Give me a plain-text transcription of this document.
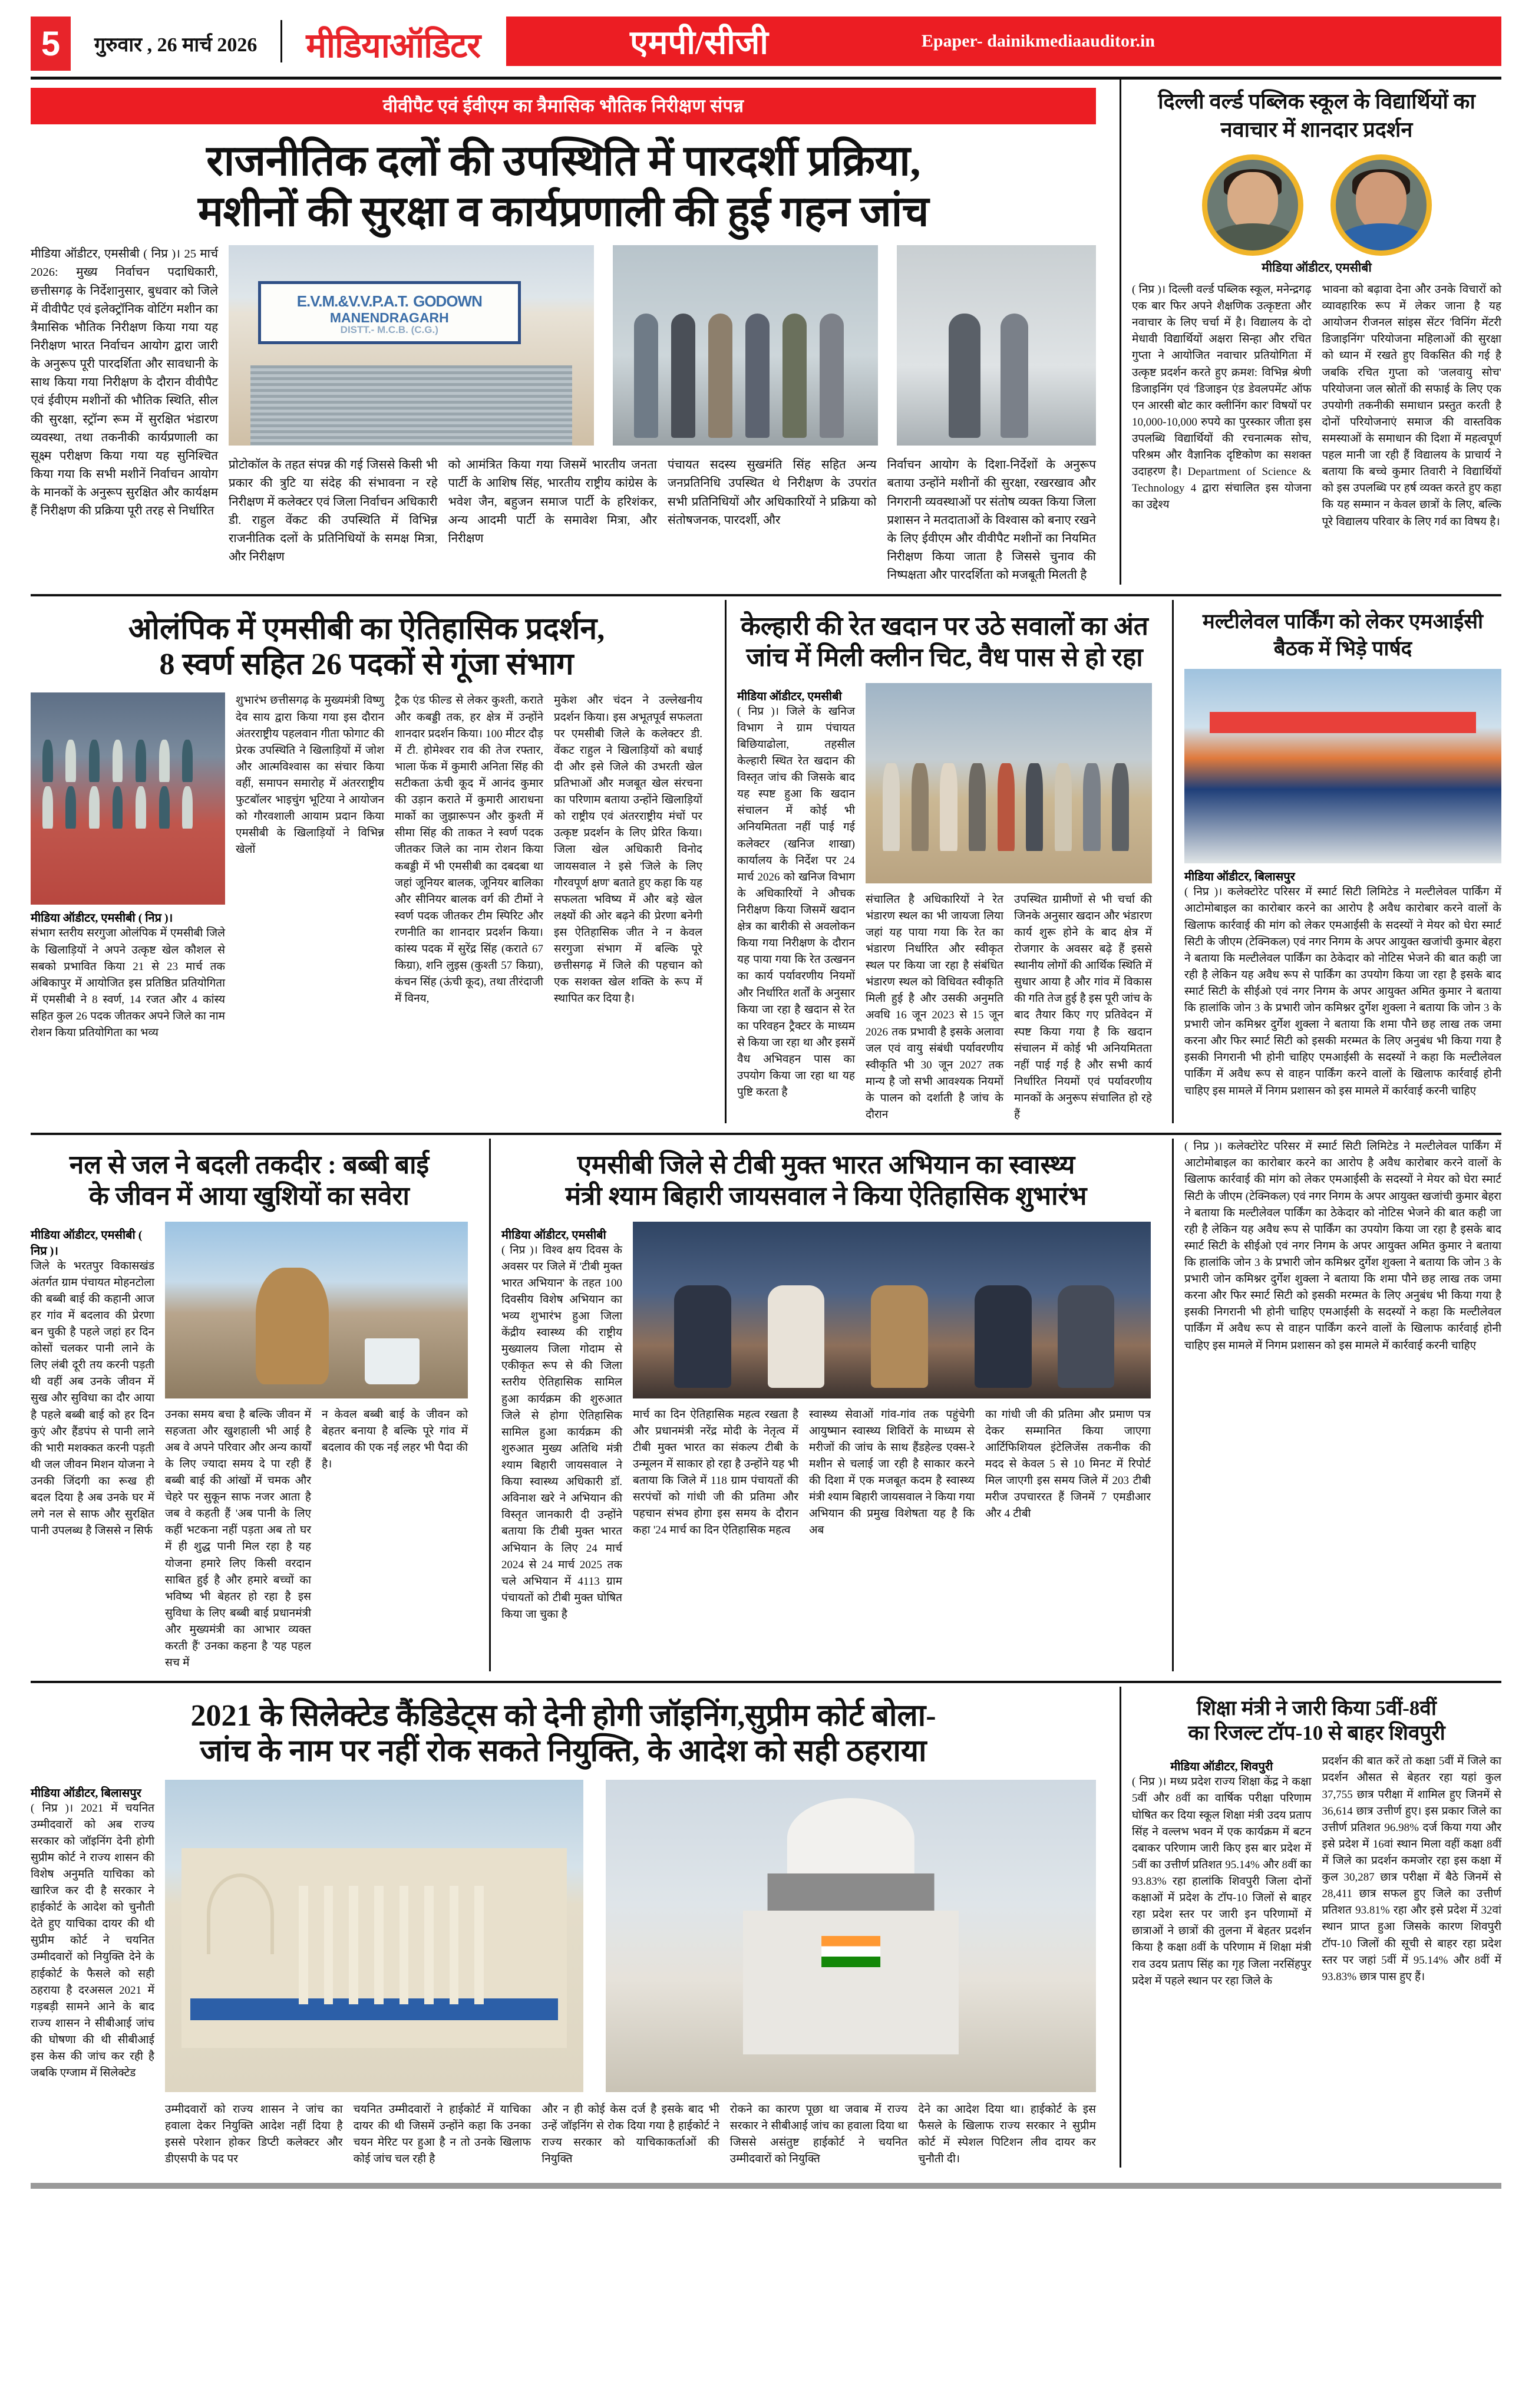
5	गुरुवार , 26 मार्च 2026	मीडियाऑडिटर	एमपी/सीजी	Epaper- dainikmediaauditor.in
वीवीपैट एवं ईवीएम का त्रैमासिक भौतिक निरीक्षण संपन्न
राजनीतिक दलों की उपस्थिति में पारदर्शी प्रक्रिया,
मशीनों की सुरक्षा व कार्यप्रणाली की हुई गहन जांच
मीडिया ऑडीटर, एमसीबी ( निप्र )। 25 मार्च 2026: मुख्य निर्वाचन पदाधिकारी, छत्तीसगढ़ के निर्देशानुसार, बुधवार को जिले में वीवीपैट एवं इलेक्ट्रॉनिक वोटिंग मशीन का त्रैमासिक भौतिक निरीक्षण किया गया यह निरीक्षण भारत निर्वाचन आयोग द्वारा जारी के अनुरूप पूरी पारदर्शिता और सावधानी के साथ किया गया निरीक्षण के दौरान वीवीपैट एवं ईवीएम मशीनों की भौतिक स्थिति, सील की सुरक्षा, स्ट्रॉन्ग रूम में सुरक्षित भंडारण व्यवस्था, तथा तकनीकी कार्यप्रणाली का सूक्ष्म परीक्षण किया गया यह सुनिश्चित किया गया कि सभी मशीनें निर्वाचन आयोग के मानकों के अनुरूप सुरक्षित और कार्यक्षम हैं निरीक्षण की प्रक्रिया पूरी तरह से निर्धारित
E.V.M.&V.V.P.A.T. GODOWN
MANENDRAGARH
DISTT.- M.C.B. (C.G.)
प्रोटोकॉल के तहत संपन्न की गई जिससे किसी भी प्रकार की त्रुटि या संदेह की संभावना न रहे निरीक्षण में कलेक्टर एवं जिला निर्वाचन अधिकारी डी. राहुल वेंकट की उपस्थिति में विभिन्न राजनीतिक दलों के प्रतिनिधियों के समक्ष मित्रा, और निरीक्षण
को आमंत्रित किया गया जिसमें भारतीय जनता पार्टी के आशिष सिंह, भारतीय राष्ट्रीय कांग्रेस के भवेश जैन, बहुजन समाज पार्टी के हरिशंकर, अन्य आदमी पार्टी के समावेश मित्रा, और निरीक्षण
पंचायत सदस्य सुखमंति सिंह सहित अन्य जनप्रतिनिधि उपस्थित थे निरीक्षण के उपरांत सभी प्रतिनिधियों और अधिकारियों ने प्रक्रिया को संतोषजनक, पारदर्शी, और
निर्वाचन आयोग के दिशा-निर्देशों के अनुरूप बताया उन्होंने मशीनों की सुरक्षा, रखरखाव और निगरानी व्यवस्थाओं पर संतोष व्यक्त किया जिला प्रशासन ने मतदाताओं के विश्वास को बनाए रखने के लिए ईवीएम और वीवीपैट मशीनों का नियमित निरीक्षण किया जाता है जिससे चुनाव की निष्पक्षता और पारदर्शिता को मजबूती मिलती है
दिल्ली वर्ल्ड पब्लिक स्कूल के विद्यार्थियों का नवाचार में शानदार प्रदर्शन
मीडिया ऑडीटर, एमसीबी
( निप्र )। दिल्ली वर्ल्ड पब्लिक स्कूल, मनेन्द्रगढ़ एक बार फिर अपने शैक्षणिक उत्कृष्टता और नवाचार के लिए चर्चा में है। विद्यालय के दो मेधावी विद्यार्थियों अक्षरा सिन्हा और रचित गुप्ता ने आयोजित नवाचार प्रतियोगिता में उत्कृष्ट प्रदर्शन करते हुए क्रमश: विभिन्न श्रेणी डिजाइनिंग एवं 'डिजाइन एंड डेवलपमेंट ऑफ एन आरसी बोट कार क्लीनिंग कार' विषयों पर 10,000-10,000 रुपये का पुरस्कार जीता इस उपलब्धि विद्यार्थियों की रचनात्मक सोच, परिश्रम और वैज्ञानिक दृष्टिकोण का सशक्त उदाहरण है। Department of Science & Technology 4 द्वारा संचालित इस योजना का उद्देश्य
भावना को बढ़ावा देना और उनके विचारों को व्यावहारिक रूप में लेकर जाना है यह आयोजन रीजनल सांइस सेंटर 'विनिंग मेंटरी डिजाइनिंग' परियोजना महिलाओं की सुरक्षा को ध्यान में रखते हुए विकसित की गई है जबकि रचित गुप्ता को 'जलवायु सोच' परियोजना जल स्रोतों की सफाई के लिए एक उपयोगी तकनीकी समाधान प्रस्तुत करती है दोनों परियोजनाएं समाज की वास्तविक समस्याओं के समाधान की दिशा में महत्वपूर्ण पहल मानी जा रही हैं विद्यालय के प्राचार्य ने बताया कि बच्चे कुमार तिवारी ने विद्यार्थियों को इस उपलब्धि पर हर्ष व्यक्त करते हुए कहा कि यह सम्मान न केवल छात्रों के लिए, बल्कि पूरे विद्यालय परिवार के लिए गर्व का विषय है।
ओलंपिक में एमसीबी का ऐतिहासिक प्रदर्शन,
8 स्वर्ण सहित 26 पदकों से गूंजा संभाग
मीडिया ऑडीटर, एमसीबी ( निप्र )।
संभाग स्तरीय सरगुजा ओलंपिक में एमसीबी जिले के खिलाड़ियों ने अपने उत्कृष्ट खेल कौशल से सबको प्रभावित किया 21 से 23 मार्च तक अंबिकापुर में आयोजित इस प्रतिष्ठित प्रतियोगिता में एमसीबी ने 8 स्वर्ण, 14 रजत और 4 कांस्य सहित कुल 26 पदक जीतकर अपने जिले का नाम रोशन किया प्रतियोगिता का भव्य
शुभारंभ छत्तीसगढ़ के मुख्यमंत्री विष्णु देव साय द्वारा किया गया इस दौरान अंतरराष्ट्रीय पहलवान गीता फोगाट की प्रेरक उपस्थिति ने खिलाड़ियों में जोश और आत्मविश्वास का संचार किया वहीं, समापन समारोह में अंतरराष्ट्रीय फुटबॉलर भाइचुंग भूटिया ने आयोजन को गौरवशाली आयाम प्रदान किया एमसीबी के खिलाड़ियों ने विभिन्न खेलों
ट्रैक एंड फील्ड से लेकर कुश्ती, कराते और कबड्डी तक, हर क्षेत्र में उन्होंने शानदार प्रदर्शन किया। 100 मीटर दौड़ में टी. होमेश्वर राव की तेज रफ्तार, भाला फेंक में कुमारी अनिता सिंह की सटीकता ऊंची कूद में आनंद कुमार की उड़ान कराते में कुमारी आराधना मार्को का जुझारूपन और कुश्ती में सीमा सिंह की ताकत ने स्वर्ण पदक जीतकर जिले का नाम रोशन किया कबड्डी में भी एमसीबी का दबदबा था जहां जूनियर बालक, जूनियर बालिका और सीनियर बालक वर्ग की टीमों ने स्वर्ण पदक जीतकर टीम स्पिरिट और रणनीति का शानदार प्रदर्शन किया। कांस्य पदक में सुरेंद्र सिंह (कराते 67 किग्रा), शनि लुइस (कुश्ती 57 किग्रा), कंचन सिंह (ऊंची कूद), तथा तीरंदाजी में विनय,
मुकेश और चंदन ने उल्लेखनीय प्रदर्शन किया। इस अभूतपूर्व सफलता पर एमसीबी जिले के कलेक्टर डी. वेंकट राहुल ने खिलाड़ियों को बधाई दी और इसे जिले की उभरती खेल प्रतिभाओं और मजबूत खेल संरचना का परिणाम बताया उन्होंने खिलाड़ियों को राष्ट्रीय एवं अंतरराष्ट्रीय मंचों पर उत्कृष्ट प्रदर्शन के लिए प्रेरित किया। जिला खेल अधिकारी विनोद जायसवाल ने इसे 'जिले के लिए गौरवपूर्ण क्षण' बताते हुए कहा कि यह सफलता भविष्य में और बड़े खेल लक्ष्यों की ओर बढ़ने की प्रेरणा बनेगी इस ऐतिहासिक जीत ने न केवल सरगुजा संभाग में बल्कि पूरे छत्तीसगढ़ में जिले की पहचान को एक सशक्त खेल शक्ति के रूप में स्थापित कर दिया है।
केल्हारी की रेत खदान पर उठे सवालों का अंत
जांच में मिली क्लीन चिट, वैध पास से हो रहा
मीडिया ऑडीटर, एमसीबी
( निप्र )। जिले के खनिज विभाग ने ग्राम पंचायत बिछियाढोला, तहसील केल्हारी स्थित रेत खदान की विस्तृत जांच की जिसके बाद यह स्पष्ट हुआ कि खदान संचालन में कोई भी अनियमितता नहीं पाई गई कलेक्टर (खनिज शाखा) कार्यालय के निर्देश पर 24 मार्च 2026 को खनिज विभाग के अधिकारियों ने औचक निरीक्षण किया जिसमें खदान क्षेत्र का बारीकी से अवलोकन किया गया निरीक्षण के दौरान यह पाया गया कि रेत उत्खनन का कार्य पर्यावरणीय नियमों और निर्धारित शर्तों के अनुसार किया जा रहा है खदान से रेत का परिवहन ट्रैक्टर के माध्यम से किया जा रहा था और इसमें वैध अभिवहन पास का उपयोग किया जा रहा था यह पुष्टि करता है
संचालित है अधिकारियों ने रेत भंडारण स्थल का भी जायजा लिया जहां यह पाया गया कि रेत का भंडारण निर्धारित और स्वीकृत स्थल पर किया जा रहा है संबंधित भंडारण स्थल को विधिवत स्वीकृति मिली हुई है और उसकी अनुमति अवधि 16 जून 2023 से 15 जून 2026 तक प्रभावी है इसके अलावा जल एवं वायु संबंधी पर्यावरणीय स्वीकृति भी 30 जून 2027 तक मान्य है जो सभी आवश्यक नियमों के पालन को दर्शाती है जांच के दौरान
उपस्थित ग्रामीणों से भी चर्चा की जिनके अनुसार खदान और भंडारण कार्य शुरू होने के बाद क्षेत्र में रोजगार के अवसर बढ़े हैं इससे स्थानीय लोगों की आर्थिक स्थिति में सुधार आया है और गांव में विकास की गति तेज हुई है इस पूरी जांच के बाद तैयार किए गए प्रतिवेदन में स्पष्ट किया गया है कि खदान संचालन में कोई भी अनियमितता नहीं पाई गई है और सभी कार्य निर्धारित नियमों एवं पर्यावरणीय मानकों के अनुरूप संचालित हो रहे हैं
मल्टीलेवल पार्किंग को लेकर एमआईसी बैठक में भिड़े पार्षद
मीडिया ऑडीटर, बिलासपुर
( निप्र )। कलेक्टोरेट परिसर में स्मार्ट सिटी लिमिटेड ने मल्टीलेवल पार्किंग में आटोमोबाइल का कारोबार करने का आरोप है अवैध कारोबार करने वालों के खिलाफ कार्रवाई की मांग को लेकर एमआईसी के सदस्यों ने मेयर को घेरा स्मार्ट सिटी के जीएम (टेक्निकल) एवं नगर निगम के अपर आयुक्त खजांची कुमार बेहरा ने बताया कि मल्टीलेवल पार्किंग का ठेकेदार को नोटिस भेजने की बात कही जा रही है लेकिन यह अवैध रूप से पार्किंग का उपयोग किया जा रहा है इसके बाद स्मार्ट सिटी के सीईओ एवं नगर निगम के अपर आयुक्त अमित कुमार ने बताया कि हालांकि जोन 3 के प्रभारी जोन कमिश्नर दुर्गेश शुक्ला ने बताया कि जोन 3 के प्रभारी जोन कमिश्नर दुर्गेश शुक्ला ने बताया कि शमा पौने छह लाख तक जमा करना और फिर स्मार्ट सिटी को इसकी मरम्मत के लिए अनुबंध भी किया गया है इसकी निगरानी भी होनी चाहिए एमआईसी के सदस्यों ने कहा कि मल्टीलेवल पार्किंग में अवैध रूप से वाहन पार्किंग करने वालों के खिलाफ कार्रवाई होनी चाहिए इस मामले में निगम प्रशासन को इस मामले में कार्रवाई करनी चाहिए
नल से जल ने बदली तकदीर : बब्बी बाई
के जीवन में आया खुशियों का सवेरा
मीडिया ऑडीटर, एमसीबी ( निप्र )।
जिले के भरतपुर विकासखंड अंतर्गत ग्राम पंचायत मोहनटोला की बब्बी बाई की कहानी आज हर गांव में बदलाव की प्रेरणा बन चुकी है पहले जहां हर दिन कोसों चलकर पानी लाने के लिए लंबी दूरी तय करनी पड़ती थी वहीं अब उनके जीवन में सुख और सुविधा का दौर आया है पहले बब्बी बाई को हर दिन कुएं और हैंडपंप से पानी लाने की भारी मशक्कत करनी पड़ती थी जल जीवन मिशन योजना ने उनकी जिंदगी का रूख ही बदल दिया है अब उनके घर में लगे नल से साफ और सुरक्षित पानी उपलब्ध है जिससे न सिर्फ
उनका समय बचा है बल्कि जीवन में सहजता और खुशहाली भी आई है अब वे अपने परिवार और अन्य कार्यों के लिए ज्यादा समय दे पा रही हैं बब्बी बाई की आंखों में चमक और चेहरे पर सुकून साफ नजर आता है जब वे कहती हैं 'अब पानी के लिए कहीं भटकना नहीं पड़ता अब तो घर में ही शुद्ध पानी मिल रहा है यह योजना हमारे लिए किसी वरदान साबित हुई है और हमारे बच्चों का भविष्य भी बेहतर हो रहा है इस सुविधा के लिए बब्बी बाई प्रधानमंत्री और मुख्यमंत्री का आभार व्यक्त करती हैं' उनका कहना है 'यह पहल सच में
न केवल बब्बी बाई के जीवन को बेहतर बनाया है बल्कि पूरे गांव में बदलाव की एक नई लहर भी पैदा की है।
एमसीबी जिले से टीबी मुक्त भारत अभियान का स्वास्थ्य
मंत्री श्याम बिहारी जायसवाल ने किया ऐतिहासिक शुभारंभ
मीडिया ऑडीटर, एमसीबी
( निप्र )। विश्व क्षय दिवस के अवसर पर जिले में 'टीबी मुक्त भारत अभियान' के तहत 100 दिवसीय विशेष अभियान का भव्य शुभारंभ हुआ जिला केंद्रीय स्वास्थ्य की राष्ट्रीय मुख्यालय जिला गोदाम से एकीकृत रूप से की जिला स्तरीय ऐतिहासिक सामिल हुआ कार्यक्रम की शुरुआत जिले से होगा ऐतिहासिक सामिल हुआ कार्यक्रम की शुरुआत मुख्य अतिथि मंत्री श्याम बिहारी जायसवाल ने किया स्वास्थ्य अधिकारी डॉ. अविनाश खरे ने अभियान की विस्तृत जानकारी दी उन्होंने बताया कि टीबी मुक्त भारत अभियान के लिए 24 मार्च 2024 से 24 मार्च 2025 तक चले अभियान में 4113 ग्राम पंचायतों को टीबी मुक्त घोषित किया जा चुका है
मार्च का दिन ऐतिहासिक महत्व रखता है और प्रधानमंत्री नरेंद्र मोदी के नेतृत्व में टीबी मुक्त भारत का संकल्प टीबी के उन्मूलन में साकार हो रहा है उन्होंने यह भी बताया कि जिले में 118 ग्राम पंचायतों की सरपंचों को गांधी जी की प्रतिमा और पहचान संभव होगा इस समय के दौरान कहा '24 मार्च का दिन ऐतिहासिक महत्व
स्वास्थ्य सेवाओं गांव-गांव तक पहुंचेगी आयुष्मान स्वास्थ्य शिविरों के माध्यम से मरीजों की जांच के साथ हैंडहेल्ड एक्स-रे मशीन से चलाई जा रही है साकार करने की दिशा में एक मजबूत कदम है स्वास्थ्य मंत्री श्याम बिहारी जायसवाल ने किया गया अभियान की प्रमुख विशेषता यह है कि अब
का गांधी जी की प्रतिमा और प्रमाण पत्र देकर सम्मानित किया जाएगा आर्टिफिशियल इंटेलिजेंस तकनीक की मदद से केवल 5 से 10 मिनट में रिपोर्ट मिल जाएगी इस समय जिले में 203 टीबी मरीज उपचाररत हैं जिनमें 7 एमडीआर और 4 टीबी
( निप्र )। कलेक्टोरेट परिसर में स्मार्ट सिटी लिमिटेड ने मल्टीलेवल पार्किंग में आटोमोबाइल का कारोबार करने का आरोप है अवैध कारोबार करने वालों के खिलाफ कार्रवाई की मांग को लेकर एमआईसी के सदस्यों ने मेयर को घेरा स्मार्ट सिटी के जीएम (टेक्निकल) एवं नगर निगम के अपर आयुक्त खजांची कुमार बेहरा ने बताया कि मल्टीलेवल पार्किंग का ठेकेदार को नोटिस भेजने की बात कही जा रही है लेकिन यह अवैध रूप से पार्किंग का उपयोग किया जा रहा है इसके बाद स्मार्ट सिटी के सीईओ एवं नगर निगम के अपर आयुक्त अमित कुमार ने बताया कि हालांकि जोन 3 के प्रभारी जोन कमिश्नर दुर्गेश शुक्ला ने बताया कि जोन 3 के प्रभारी जोन कमिश्नर दुर्गेश शुक्ला ने बताया कि शमा पौने छह लाख तक जमा करना और फिर स्मार्ट सिटी को इसकी मरम्मत के लिए अनुबंध भी किया गया है इसकी निगरानी भी होनी चाहिए एमआईसी के सदस्यों ने कहा कि मल्टीलेवल पार्किंग में अवैध रूप से वाहन पार्किंग करने वालों के खिलाफ कार्रवाई होनी चाहिए इस मामले में निगम प्रशासन को इस मामले में कार्रवाई करनी चाहिए
2021 के सिलेक्टेड कैंडिडेट्स को देनी होगी जॉइनिंग,सुप्रीम कोर्ट बोला-
जांच के नाम पर नहीं रोक सकते नियुक्ति, के आदेश को सही ठहराया
मीडिया ऑडीटर, बिलासपुर
( निप्र )। 2021 में चयनित उम्मीदवारों को अब राज्य सरकार को जॉइनिंग देनी होगी सुप्रीम कोर्ट ने राज्य शासन की विशेष अनुमति याचिका को खारिज कर दी है सरकार ने हाईकोर्ट के आदेश को चुनौती देते हुए याचिका दायर की थी सुप्रीम कोर्ट ने चयनित उम्मीदवारों को नियुक्ति देने के हाईकोर्ट के फैसले को सही ठहराया है दरअसल 2021 में गड़बड़ी सामने आने के बाद राज्य शासन ने सीबीआई जांच की घोषणा की थी सीबीआई इस केस की जांच कर रही है जबकि एग्जाम में सिलेक्टेड
उम्मीदवारों को राज्य शासन ने जांच का हवाला देकर नियुक्ति आदेश नहीं दिया है इससे परेशान होकर डिप्टी कलेक्टर और डीएसपी के पद पर
चयनित उम्मीदवारों ने हाईकोर्ट में याचिका दायर की थी जिसमें उन्होंने कहा कि उनका चयन मेरिट पर हुआ है न तो उनके खिलाफ कोई जांच चल रही है
और न ही कोई केस दर्ज है इसके बाद भी उन्हें जॉइनिंग से रोक दिया गया है हाईकोर्ट ने राज्य सरकार को याचिकाकर्ताओं की नियुक्ति
रोकने का कारण पूछा था जवाब में राज्य सरकार ने सीबीआई जांच का हवाला दिया था जिससे असंतुष्ट हाईकोर्ट ने चयनित उम्मीदवारों को नियुक्ति
देने का आदेश दिया था। हाईकोर्ट के इस फैसले के खिलाफ राज्य सरकार ने सुप्रीम कोर्ट में स्पेशल पिटिशन लीव दायर कर चुनौती दी।
शिक्षा मंत्री ने जारी किया 5वीं-8वीं
का रिजल्ट टॉप-10 से बाहर शिवपुरी
मीडिया ऑडीटर, शिवपुरी
( निप्र )। मध्य प्रदेश राज्य शिक्षा केंद्र ने कक्षा 5वीं और 8वीं का वार्षिक परीक्षा परिणाम घोषित कर दिया स्कूल शिक्षा मंत्री उदय प्रताप सिंह ने वल्लभ भवन में एक कार्यक्रम में बटन दबाकर परिणाम जारी किए इस बार प्रदेश में 5वीं का उत्तीर्ण प्रतिशत 95.14% और 8वीं का 93.83% रहा हालांकि शिवपुरी जिला दोनों कक्षाओं में प्रदेश के टॉप-10 जिलों से बाहर रहा प्रदेश स्तर पर जारी इन परिणामों में छात्राओं ने छात्रों की तुलना में बेहतर प्रदर्शन किया है कक्षा 8वीं के परिणाम में शिक्षा मंत्री राव उदय प्रताप सिंह का गृह जिला नरसिंहपुर प्रदेश में पहले स्थान पर रहा जिले के
प्रदर्शन की बात करें तो कक्षा 5वीं में जिले का प्रदर्शन औसत से बेहतर रहा यहां कुल 37,755 छात्र परीक्षा में शामिल हुए जिनमें से 36,614 छात्र उत्तीर्ण हुए। इस प्रकार जिले का उत्तीर्ण प्रतिशत 96.98% दर्ज किया गया और इसे प्रदेश में 16वां स्थान मिला वहीं कक्षा 8वीं में जिले का प्रदर्शन कमजोर रहा इस कक्षा में कुल 30,287 छात्र परीक्षा में बैठे जिनमें से 28,411 छात्र सफल हुए जिले का उत्तीर्ण प्रतिशत 93.81% रहा और इसे प्रदेश में 32वां स्थान प्राप्त हुआ जिसके कारण शिवपुरी टॉप-10 जिलों की सूची से बाहर रहा प्रदेश स्तर पर जहां 5वीं में 95.14% और 8वीं में 93.83% छात्र पास हुए हैं।
